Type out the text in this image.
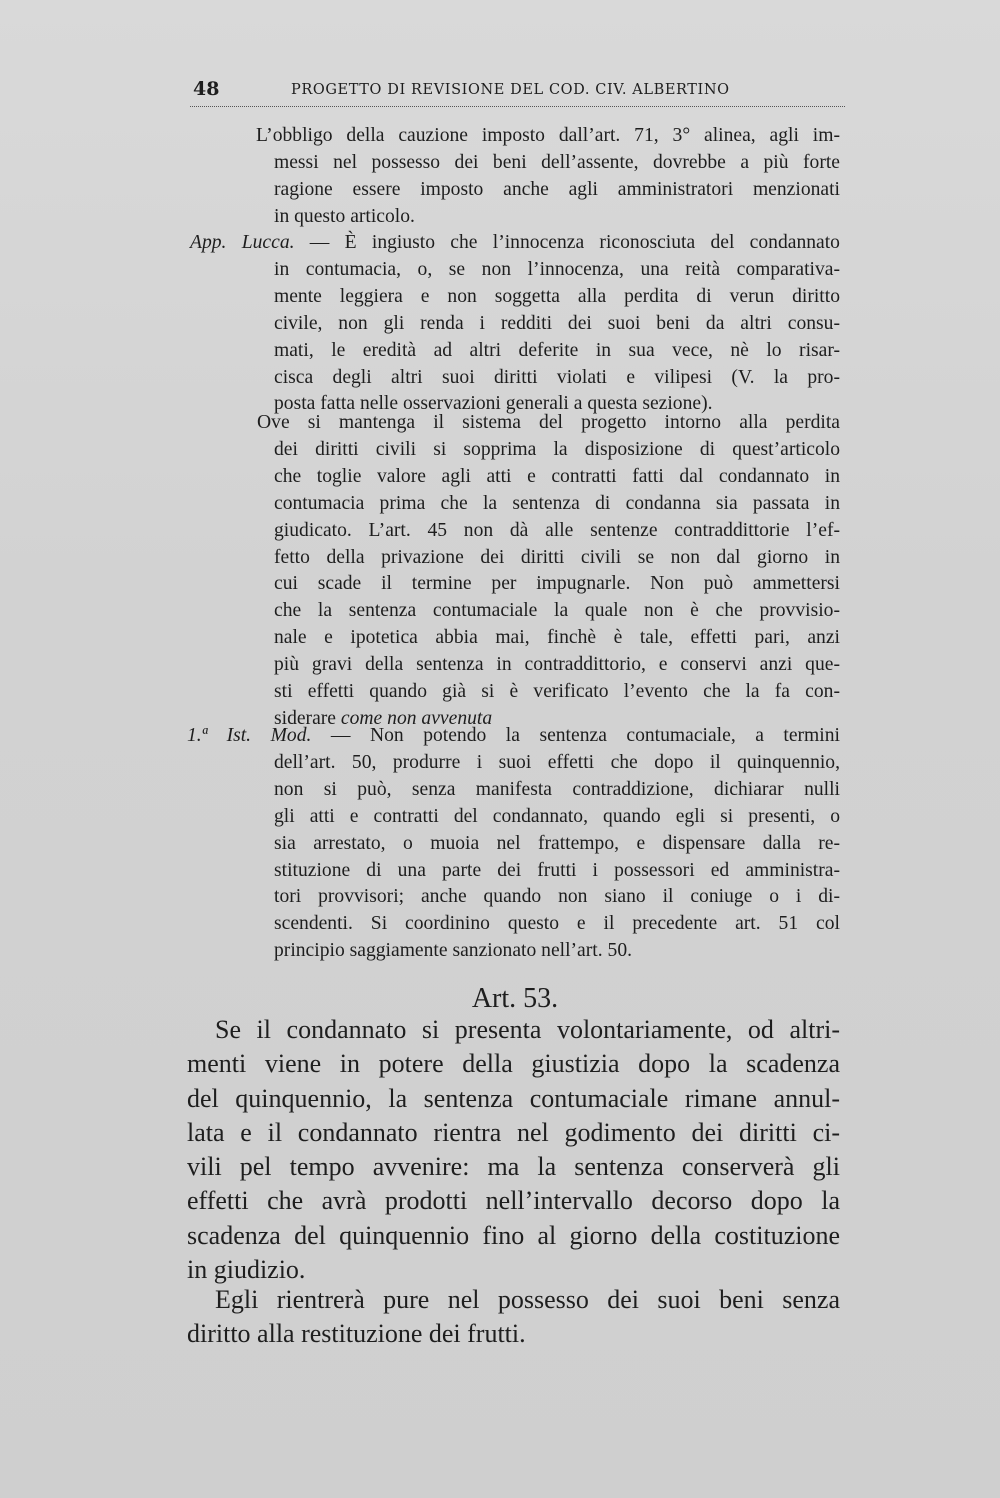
48	PROGETTO DI REVISIONE DEL COD. CIV. ALBERTINO
L’obbligo della cauzione imposto dall’art. 71, 3° alinea, agli im-
messi nel possesso dei beni dell’assente, dovrebbe a più forte
ragione essere imposto anche agli amministratori menzionati
in questo articolo.
App. Lucca. — È ingiusto che l’innocenza riconosciuta del condannato
in contumacia, o, se non l’innocenza, una reità comparativa-
mente leggiera e non soggetta alla perdita di verun diritto
civile, non gli renda i redditi dei suoi beni da altri consu-
mati, le eredità ad altri deferite in sua vece, nè lo risar-
cisca degli altri suoi diritti violati e vilipesi (V. la pro-
posta fatta nelle osservazioni generali a questa sezione).
Ove si mantenga il sistema del progetto intorno alla perdita
dei diritti civili si sopprima la disposizione di quest’articolo
che toglie valore agli atti e contratti fatti dal condannato in
contumacia prima che la sentenza di condanna sia passata in
giudicato. L’art. 45 non dà alle sentenze contraddittorie l’ef-
fetto della privazione dei diritti civili se non dal giorno in
cui scade il termine per impugnarle. Non può ammettersi
che la sentenza contumaciale la quale non è che provvisio-
nale e ipotetica abbia mai, finchè è tale, effetti pari, anzi
più gravi della sentenza in contraddittorio, e conservi anzi que-
sti effetti quando già si è verificato l’evento che la fa con-
siderare come non avvenuta
1.ª Ist. Mod. — Non potendo la sentenza contumaciale, a termini
dell’art. 50, produrre i suoi effetti che dopo il quinquennio,
non si può, senza manifesta contraddizione, dichiarar nulli
gli atti e contratti del condannato, quando egli si presenti, o
sia arrestato, o muoia nel frattempo, e dispensare dalla re-
stituzione di una parte dei frutti i possessori ed amministra-
tori provvisori; anche quando non siano il coniuge o i di-
scendenti. Si coordinino questo e il precedente art. 51 col
principio saggiamente sanzionato nell’art. 50.
Art. 53.
Se il condannato si presenta volontariamente, od altri-
menti viene in potere della giustizia dopo la scadenza
del quinquennio, la sentenza contumaciale rimane annul-
lata e il condannato rientra nel godimento dei diritti ci-
vili pel tempo avvenire: ma la sentenza conserverà gli
effetti che avrà prodotti nell’intervallo decorso dopo la
scadenza del quinquennio fino al giorno della costituzione
in giudizio.
Egli rientrerà pure nel possesso dei suoi beni senza
diritto alla restituzione dei frutti.
